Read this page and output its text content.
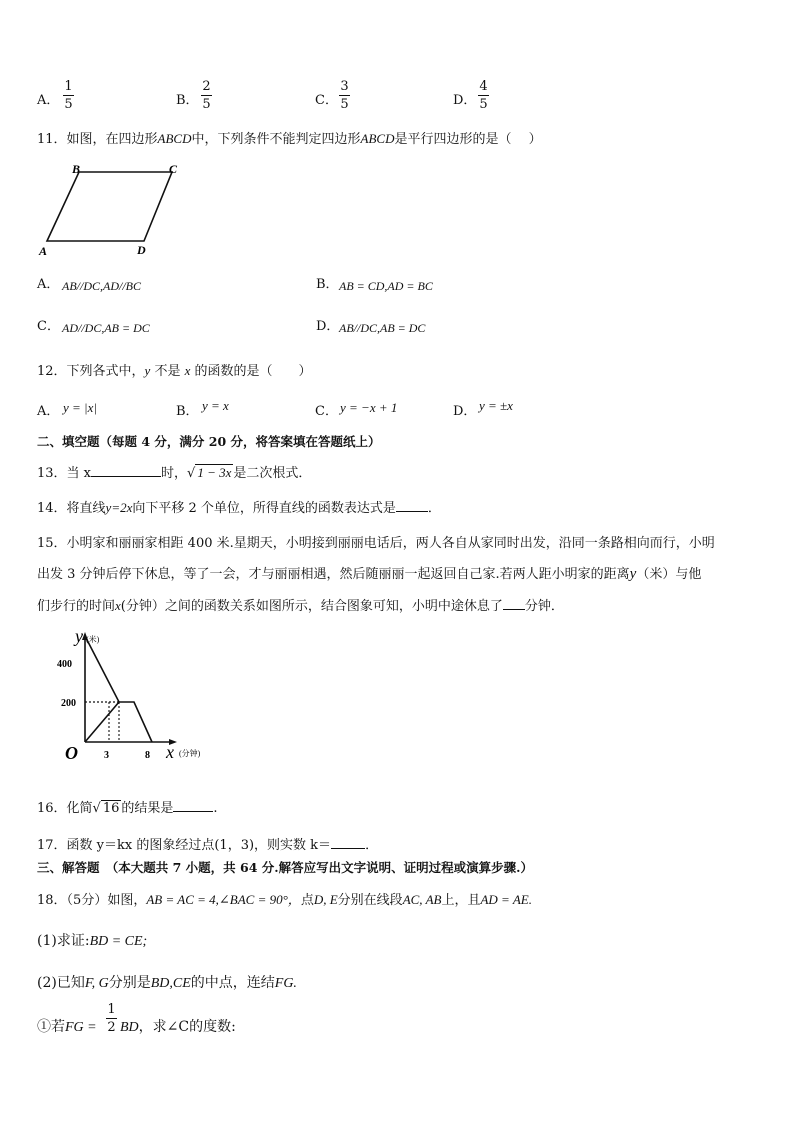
A．
1
5	B．
2
5	C．
3
5	D．
4
5
11．如图，在四边形ABCD中，下列条件不能判定四边形ABCD是平行四边形的是（　 ）
B	C
A	D
A． AB//DC,AD//BC	B． AB = CD,AD = BC
C． AD//DC,AB = DC	D． AB//DC,AB = DC
12．下列各式中，y 不是 x 的函数的是（　　）
A． y = |x|	B． y = x	C． y = −x + 1	D． y = ±x
二、填空题（每题 4 分，满分 20 分，将答案填在答题纸上）
13．当 x	时，√ 1 − 3x 是二次根式．
14．将直线y=2x向下平移 2 个单位，所得直线的函数表达式是 ．
15．小明家和丽丽家相距 400 米.星期天，小明接到丽丽电话后，两人各自从家同时出发，沿同一条路相向而行，小明
出发 3 分钟后停下休息，等了一会，才与丽丽相遇，然后随丽丽一起返回自己家.若两人距小明家的距离y（米）与他
们步行的时间x(分钟）之间的函数关系如图所示，结合图象可知，小明中途休息了 分钟．
y (米)
400
200
O	3	8 x (分钟)
16．化简√ 16 的结果是	.
17．函数 y＝kx 的图象经过点(1，3)，则实数 k＝	．
三、解答题　（本大题共 7 小题，共 64 分.解答应写出文字说明、证明过程或演算步骤.）
18．（5分）如图，AB = AC = 4,∠BAC = 90°，点D, E分别在线段AC, AB上，且AD = AE.
(1)求证:BD = CE;
(2)已知F, G分别是BD,CE的中点，连结FG.
①若FG =
1
2 BD，求∠C的度数:
